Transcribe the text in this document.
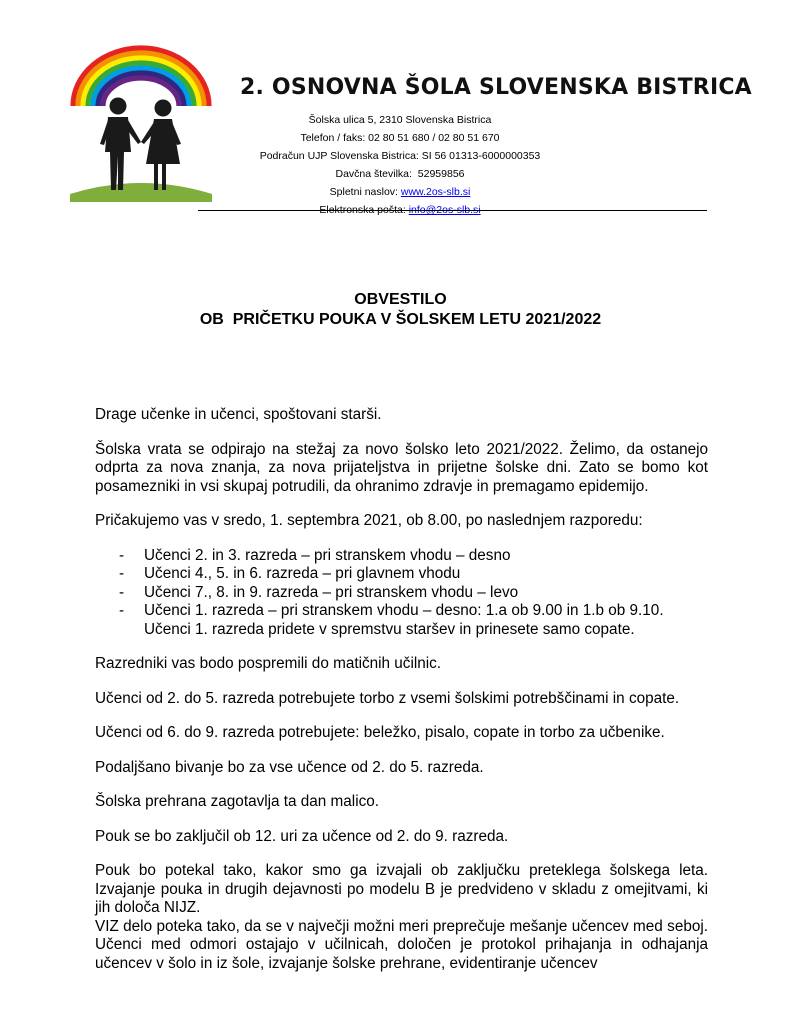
2. OSNOVNA ŠOLA SLOVENSKA BISTRICA
Šolska ulica 5, 2310 Slovenska Bistrica
Telefon / faks: 02 80 51 680 / 02 80 51 670
Podračun UJP Slovenska Bistrica: SI 56 01313-6000000353
Davčna številka: 52959856
Spletni naslov: www.2os-slb.si
Elektronska pošta: info@2os-slb.si
OBVESTILO
OB  PRIČETKU POUKA V ŠOLSKEM LETU 2021/2022

Drage učenke in učenci, spoštovani starši.

Šolska vrata se odpirajo na stežaj za novo šolsko leto 2021/2022. Želimo, da ostanejo odprta za nova znanja, za nova prijateljstva in prijetne šolske dni. Zato se bomo kot posamezniki in vsi skupaj potrudili, da ohranimo zdravje in premagamo epidemijo.

Pričakujemo vas v sredo, 1. septembra 2021, ob 8.00, po naslednjem razporedu:

- Učenci 2. in 3. razreda – pri stranskem vhodu – desno
- Učenci 4., 5. in 6. razreda – pri glavnem vhodu
- Učenci 7., 8. in 9. razreda – pri stranskem vhodu – levo
- Učenci 1. razreda – pri stranskem vhodu – desno: 1.a ob 9.00 in 1.b ob 9.10. Učenci 1. razreda pridete v spremstvu staršev in prinesete samo copate.

Razredniki vas bodo pospremili do matičnih učilnic.

Učenci od 2. do 5. razreda potrebujete torbo z vsemi šolskimi potrebščinami in copate.

Učenci od 6. do 9. razreda potrebujete: beležko, pisalo, copate in torbo za učbenike.

Podaljšano bivanje bo za vse učence od 2. do 5. razreda.

Šolska prehrana zagotavlja ta dan malico.

Pouk se bo zaključil ob 12. uri za učence od 2. do 9. razreda.

Pouk bo potekal tako, kakor smo ga izvajali ob zaključku preteklega šolskega leta. Izvajanje pouka in drugih dejavnosti po modelu B je predvideno v skladu z omejitvami, ki jih določa NIJZ.

VIZ delo poteka tako, da se v največji možni meri preprečuje mešanje učencev med seboj. Učenci med odmori ostajajo v učilnicah, določen je protokol prihajanja in odhajanja učencev v šolo in iz šole, izvajanje šolske prehrane, evidentiranje učencev
